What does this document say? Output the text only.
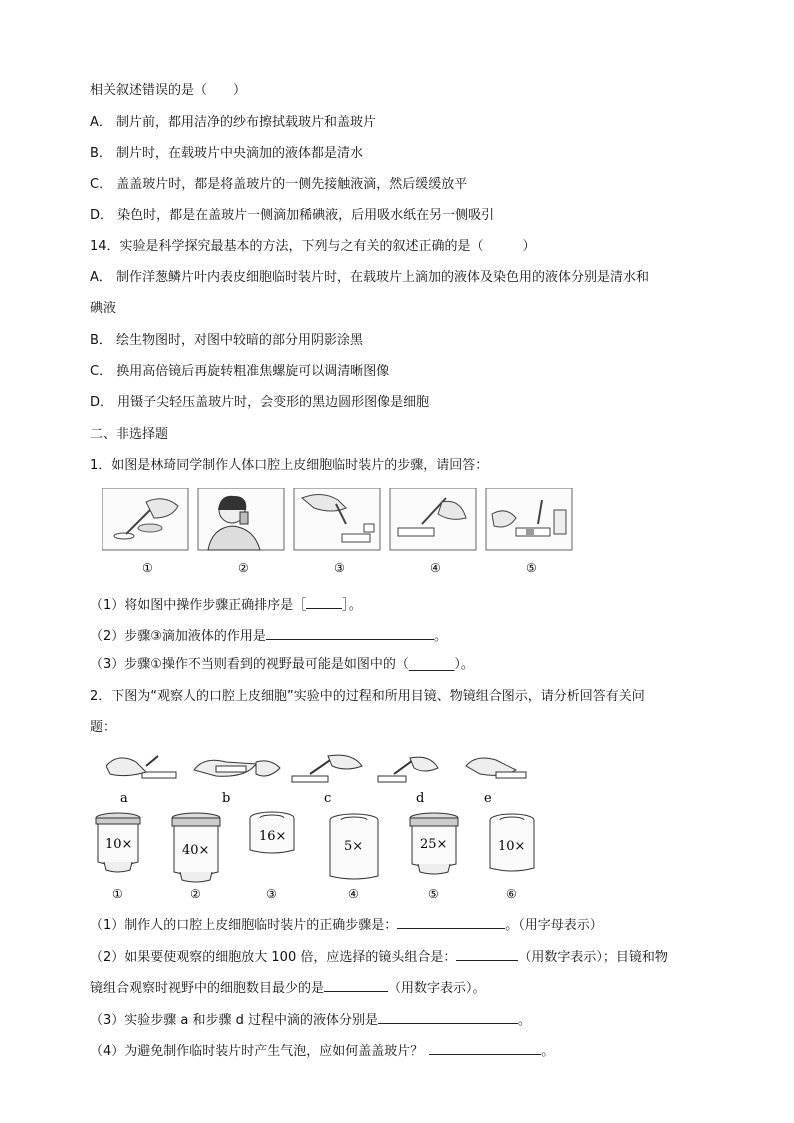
相关叙述错误的是（　　）
A． 制片前，都用洁净的纱布擦拭载玻片和盖玻片
B． 制片时，在载玻片中央滴加的液体都是清水
C． 盖盖玻片时，都是将盖玻片的一侧先接触液滴，然后缓缓放平
D． 染色时，都是在盖玻片一侧滴加稀碘液，后用吸水纸在另一侧吸引
14．实验是科学探究最基本的方法，下列与之有关的叙述正确的是（　　　）
A． 制作洋葱鳞片叶内表皮细胞临时装片时，在载玻片上滴加的液体及染色用的液体分别是清水和
碘液
B． 绘生物图时，对图中较暗的部分用阴影涂黑
C． 换用高倍镜后再旋转粗准焦螺旋可以调清晰图像
D． 用镊子尖轻压盖玻片时，会变形的黑边圆形图像是细胞
二、非选择题
1．如图是林琦同学制作人体口腔上皮细胞临时装片的步骤，请回答：
①	②	③	④	⑤
（1）将如图中操作步骤正确排序是［	］。
（2）步骤③滴加液体的作用是	。
（3）步骤①操作不当则看到的视野最可能是如图中的（_______）。
2．下图为“观察人的口腔上皮细胞”实验中的过程和所用目镜、物镜组合图示，请分析回答有关问
题：
a	b	c	d	e
10×	40×
16×
5×	25×	10×
①	②	③	④	⑤	⑥
（1）制作人的口腔上皮细胞临时装片的正确步骤是：	。（用字母表示）
（2）如果要使观察的细胞放大 100 倍，应选择的镜头组合是：	（用数字表示）；目镜和物
镜组合观察时视野中的细胞数目最少的是	（用数字表示）。
（3）实验步骤 a 和步骤 d 过程中滴的液体分别是	。
（4）为避免制作临时装片时产生气泡，应如何盖盖玻片？	。
